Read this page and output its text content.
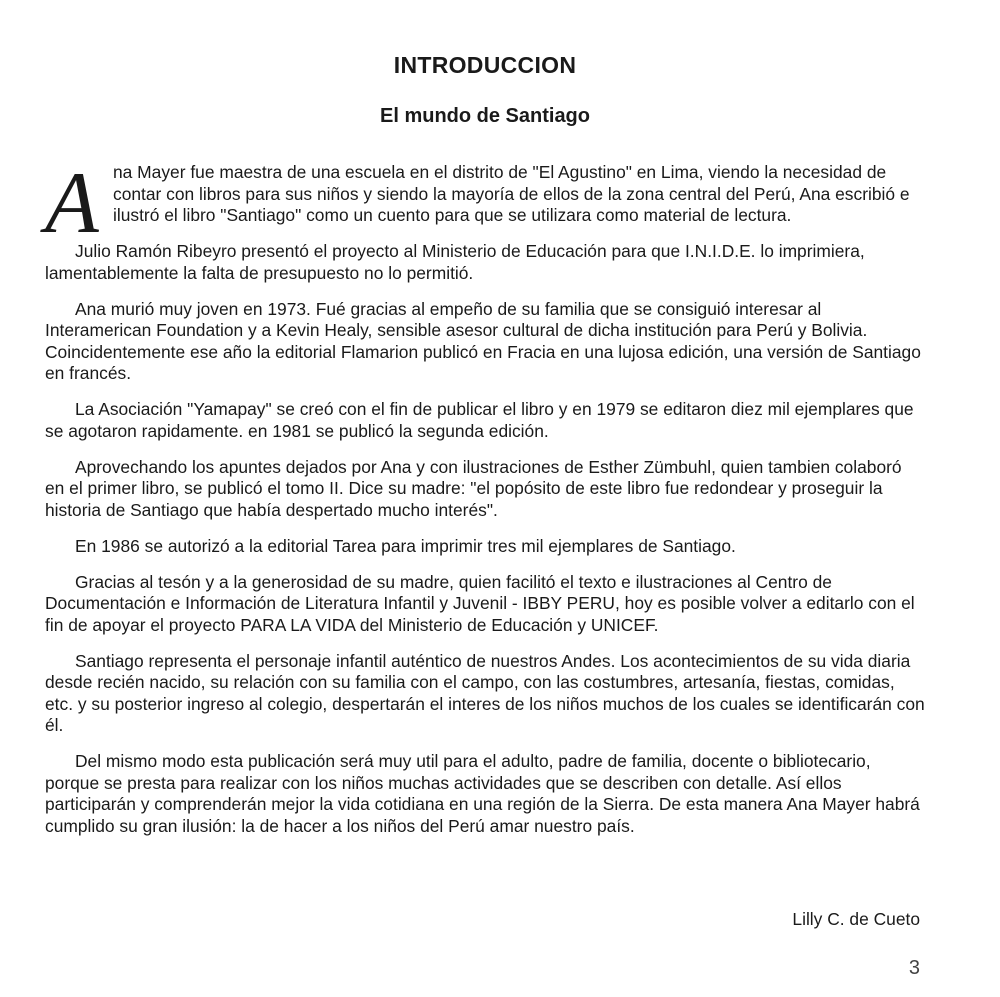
INTRODUCCION
El mundo de Santiago

A na Mayer fue maestra de una escuela en el distrito de "El Agustino" en Lima, viendo la necesidad de contar con libros para sus niños y siendo la mayoría de ellos de la zona central del Perú, Ana escribió e ilustró el libro "Santiago" como un cuento para que se utilizara como material de lectura.

Julio Ramón Ribeyro presentó el proyecto al Ministerio de Educación para que I.N.I.D.E. lo imprimiera, lamentablemente la falta de presupuesto no lo permitió.

Ana murió muy joven en 1973. Fué gracias al empeño de su familia que se consiguió interesar al Interamerican Foundation y a Kevin Healy, sensible asesor cultural de dicha institución para Perú y Bolivia. Coincidentemente ese año la editorial Flamarion publicó en Fracia en una lujosa edición, una versión de Santiago en francés.

La Asociación "Yamapay" se creó con el fin de publicar el libro y en 1979 se editaron diez mil ejemplares que se agotaron rapidamente. en 1981 se publicó la segunda edición.

Aprovechando los apuntes dejados por Ana y con ilustraciones de Esther Zümbuhl, quien tambien colaboró en el primer libro, se publicó el tomo II. Dice su madre: "el popósito de este libro fue redondear y proseguir la historia de Santiago que había despertado mucho interés".

En 1986 se autorizó a la editorial Tarea para imprimir tres mil ejemplares de Santiago.

Gracias al tesón y a la generosidad de su madre, quien facilitó el texto e ilustraciones al Centro de Documentación e Información de Literatura Infantil y Juvenil - IBBY PERU, hoy es posible volver a editarlo con el fin de apoyar el proyecto PARA LA VIDA del Ministerio de Educación y UNICEF.

Santiago representa el personaje infantil auténtico de nuestros Andes. Los acontecimientos de su vida diaria desde recién nacido, su relación con su familia con el campo, con las costumbres, artesanía, fiestas, comidas, etc. y su posterior ingreso al colegio, despertarán el interes de los niños muchos de los cuales se identificarán con él.

Del mismo modo esta publicación será muy util para el adulto, padre de familia, docente o bibliotecario, porque se presta para realizar con los niños muchas actividades que se describen con detalle. Así ellos participarán y comprenderán mejor la vida cotidiana en una región de la Sierra. De esta manera Ana Mayer habrá cumplido su gran ilusión: la de hacer a los niños del Perú amar nuestro país.

Lilly C. de Cueto
3
